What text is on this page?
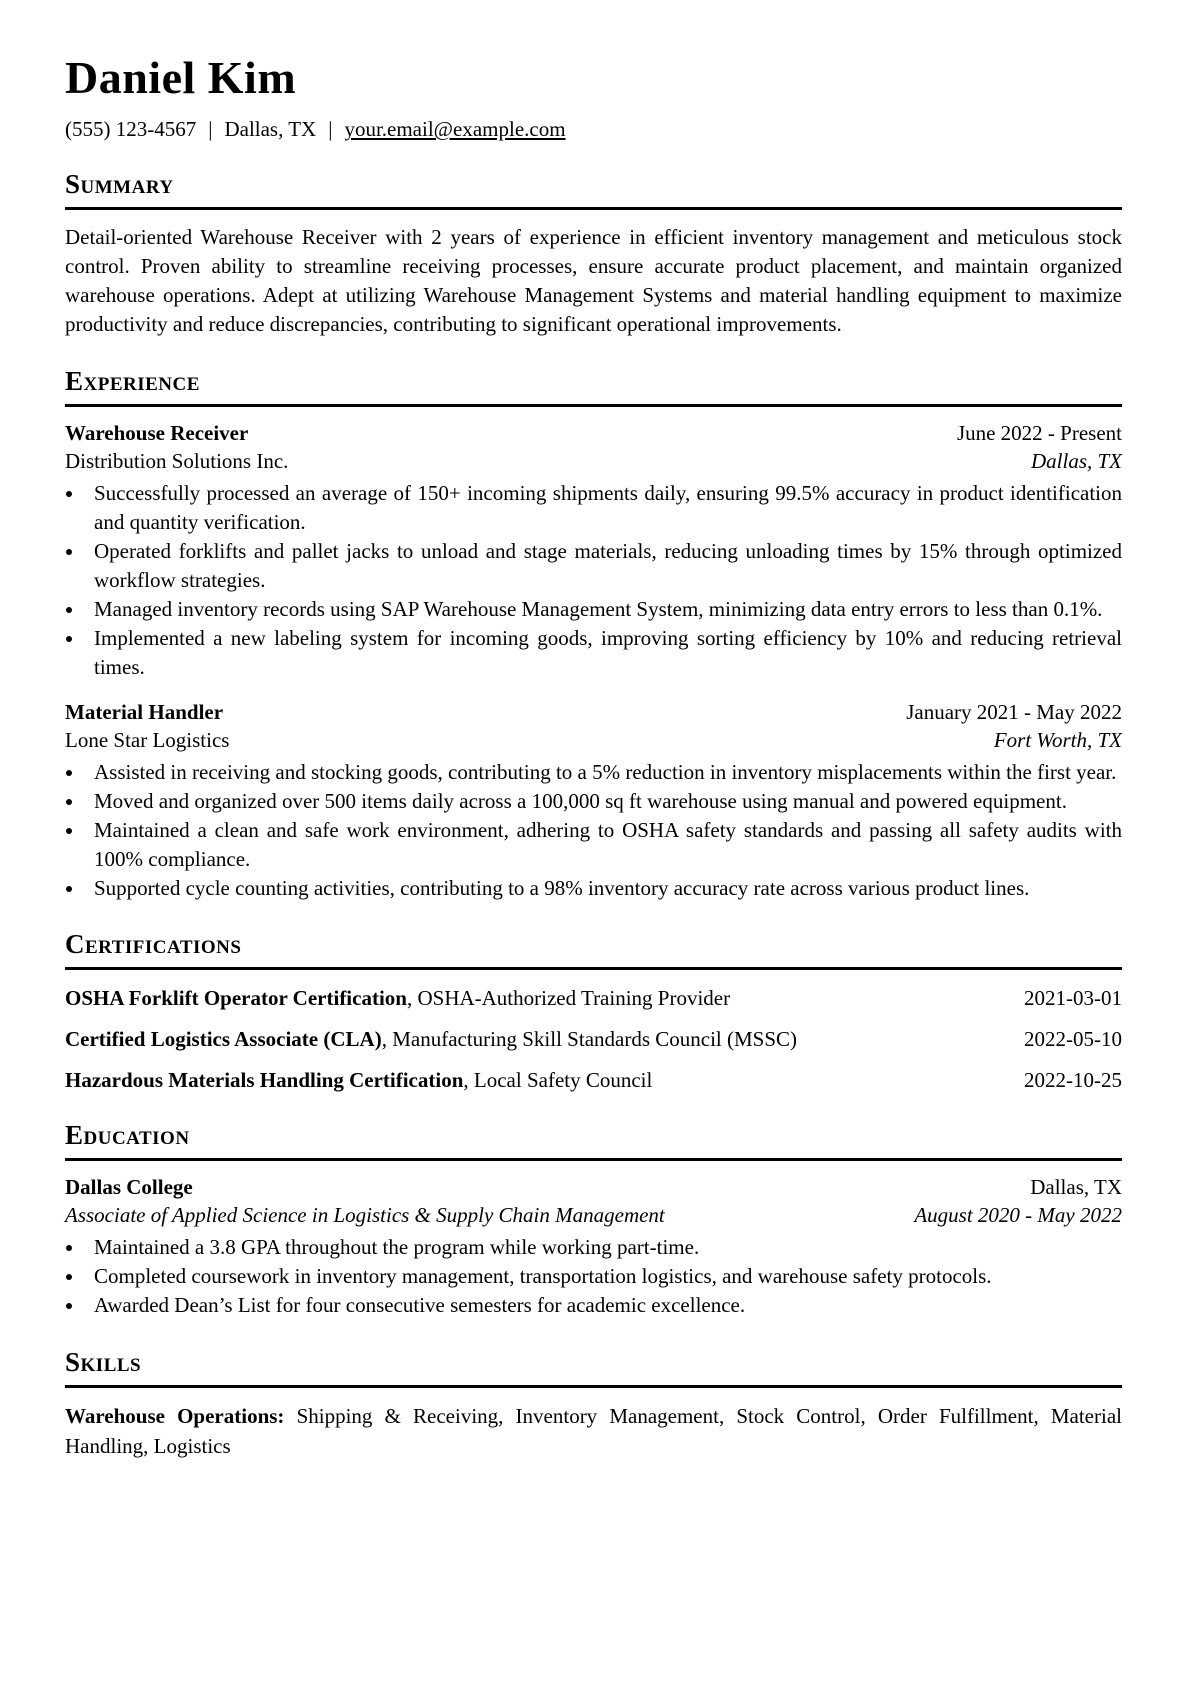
Daniel Kim
(555) 123-4567 | Dallas, TX | your.email@example.com
Summary

Detail-oriented Warehouse Receiver with 2 years of experience in efficient inventory management and meticulous stock control. Proven ability to streamline receiving processes, ensure accurate product placement, and maintain organized warehouse operations. Adept at utilizing Warehouse Management Systems and material handling equipment to maximize productivity and reduce discrepancies, contributing to significant operational improvements.

Experience
Warehouse Receiver	June 2022 - Present
Distribution Solutions Inc.	Dallas, TX
• Successfully processed an average of 150+ incoming shipments daily, ensuring 99.5% accuracy in product identification and quantity verification.
• Operated forklifts and pallet jacks to unload and stage materials, reducing unloading times by 15% through optimized workflow strategies.
• Managed inventory records using SAP Warehouse Management System, minimizing data entry errors to less than 0.1%.
• Implemented a new labeling system for incoming goods, improving sorting efficiency by 10% and reducing retrieval times.
Material Handler	January 2021 - May 2022
Lone Star Logistics	Fort Worth, TX
• Assisted in receiving and stocking goods, contributing to a 5% reduction in inventory misplacements within the first year.
• Moved and organized over 500 items daily across a 100,000 sq ft warehouse using manual and powered equipment.
• Maintained a clean and safe work environment, adhering to OSHA safety standards and passing all safety audits with 100% compliance.
• Supported cycle counting activities, contributing to a 98% inventory accuracy rate across various product lines.
Certifications
OSHA Forklift Operator Certification, OSHA-Authorized Training Provider	2021-03-01
Certified Logistics Associate (CLA), Manufacturing Skill Standards Council (MSSC)	2022-05-10
Hazardous Materials Handling Certification, Local Safety Council	2022-10-25
Education
Dallas College	Dallas, TX
Associate of Applied Science in Logistics & Supply Chain Management	August 2020 - May 2022
• Maintained a 3.8 GPA throughout the program while working part-time.
• Completed coursework in inventory management, transportation logistics, and warehouse safety protocols.
• Awarded Dean’s List for four consecutive semesters for academic excellence.
Skills

Warehouse Operations: Shipping & Receiving, Inventory Management, Stock Control, Order Fulfillment, Material Handling, Logistics
